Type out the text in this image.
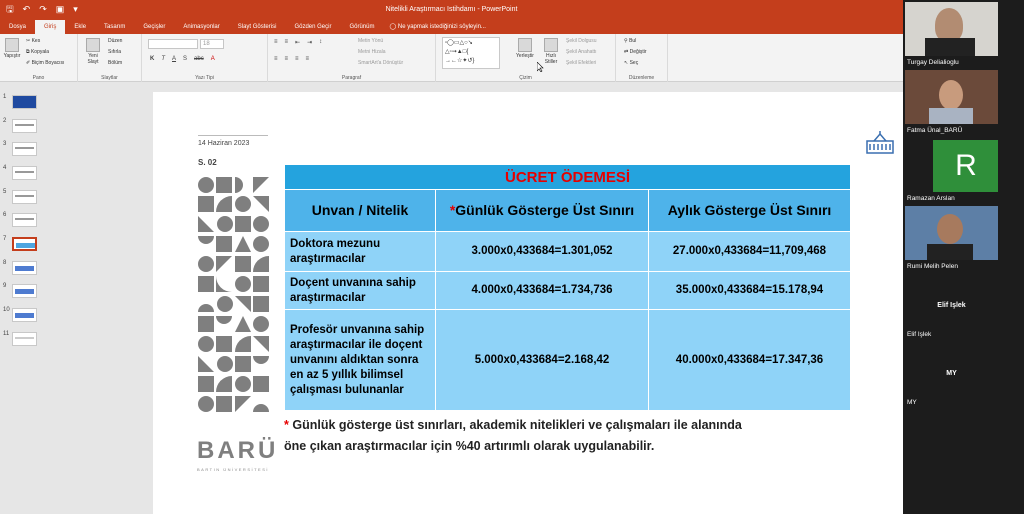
🖫 ↶ ↷ ▣ ▾	Nitelikli Araştırmacı Istihdamı - PowerPoint
Dosya	Giriş	Ekle	Tasarım	Geçişler	Animasyonlar	Slayt Gösterisi	Gözden Geçir	Görünüm	◯ Ne yapmak istediğinizi söyleyin...
Yapıştır
✂ Kes
⧉ Kopyala
✐ Biçim Boyacısı
Pano
Yeni Slayt
Düzen
Sıfırla
Bölüm
Slaytlar
18
K T A S abc A
Yazı Tipi
≡ ≡ ⇤ ⇥ ↕
≡ ≡ ≡ ≡
Metin Yönü
Metni Hizala
SmartArt'a Dönüştür
Paragraf
▫◯▭△○↘
△▫⇝▲□{
→←☆✦↺}
Yerleştir	Hızlı Stiller
Şekil Dolgusu
Şekil Anahattı
Şekil Efektleri
Çizim
⚲ Bul
⇄ Değiştir
↖ Seç
Düzenleme
1
2
3
4
5
6
7
8
9
10
11
14 Haziran 2023
S. 02
BARÜ
BARTIN ÜNİVERSİTESİ
ÜCRET ÖDEMESİ		
Unvan / Nitelik	*Günlük Gösterge Üst Sınırı	Aylık Gösterge Üst Sınırı
Doktora mezunu araştırmacılar	3.000x0,433684=1.301,052	27.000x0,433684=11,709,468
Doçent unvanına sahip araştırmacılar	4.000x0,433684=1.734,736	35.000x0,433684=15.178,94
Profesör unvanına sahip araştırmacılar ile doçent unvanını aldıktan sonra en az 5 yıllık bilimsel çalışması bulunanlar	5.000x0,433684=2.168,42	40.000x0,433684=17.347,36
* Günlük gösterge üst sınırları, akademik nitelikleri ve çalışmaları ile alanında
öne çıkan araştırmacılar için %40 artırımlı olarak uygulanabilir.
Turgay Delialioglu
Fatma Ünal_BARÜ
R
Ramazan Arslan
Rumi Melih Pelen
Elif Işlek
Elif Işlek
MY
MY
